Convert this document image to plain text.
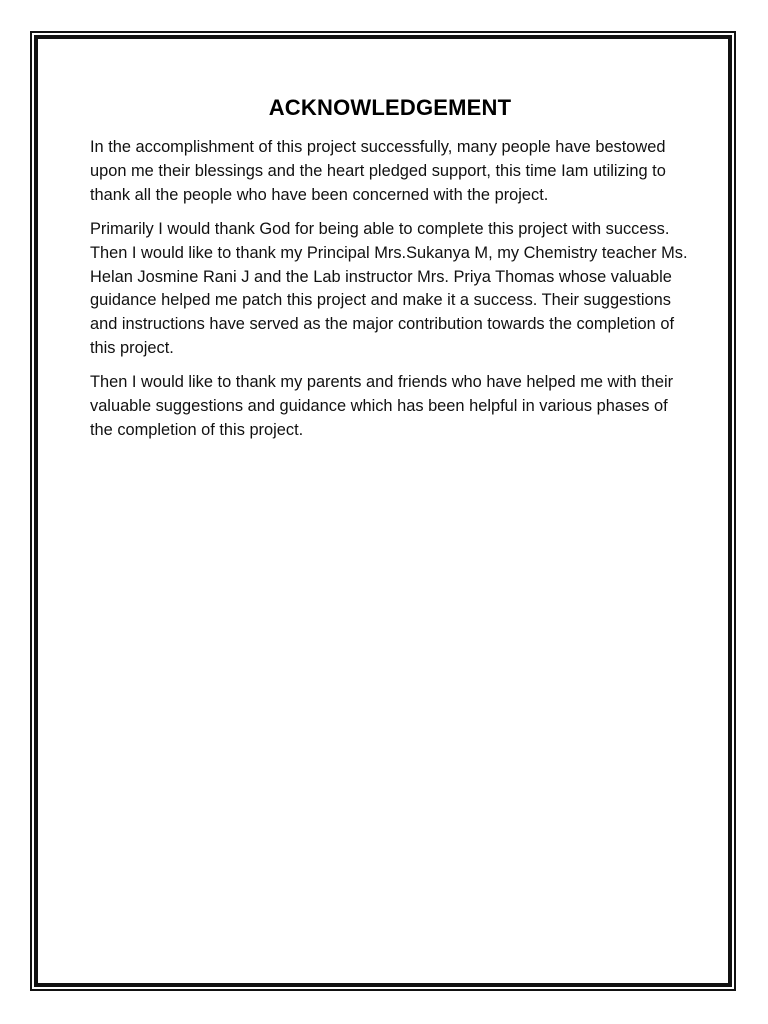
ACKNOWLEDGEMENT

In the accomplishment of this project successfully, many people have bestowed upon me their blessings and the heart pledged support, this time Iam utilizing to thank all the people who have been concerned with the project.

Primarily I would thank God for being able to complete this project with success. Then I would like to thank my Principal Mrs.Sukanya M, my Chemistry teacher Ms. Helan Josmine Rani J and the Lab instructor Mrs. Priya Thomas whose valuable guidance helped me patch this project and make it a success. Their suggestions and instructions have served as the major contribution towards the completion of this project.

Then I would like to thank my parents and friends who have helped me with their valuable suggestions and guidance which has been helpful in various phases of the completion of this project.
